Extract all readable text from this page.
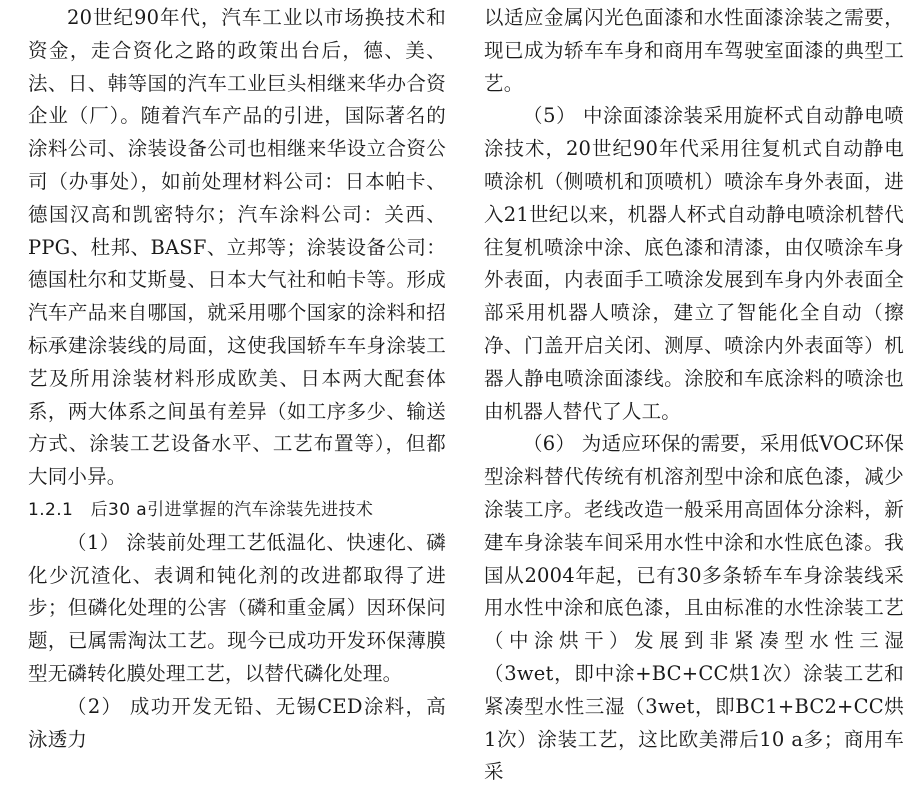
20世纪90年代，汽车工业以市场换技术和资金，走合资化之路的政策出台后，德、美、法、日、韩等国的汽车工业巨头相继来华办合资企业（厂）。随着汽车产品的引进，国际著名的涂料公司、涂装设备公司也相继来华设立合资公司（办事处），如前处理材料公司：日本帕卡、德国汉高和凯密特尔；汽车涂料公司：关西、PPG、杜邦、BASF、立邦等；涂装设备公司：德国杜尔和艾斯曼、日本大气社和帕卡等。形成汽车产品来自哪国，就采用哪个国家的涂料和招标承建涂装线的局面，这使我国轿车车身涂装工艺及所用涂装材料形成欧美、日本两大配套体系，两大体系之间虽有差异（如工序多少、输送方式、涂装工艺设备水平、工艺布置等），但都大同小异。

1.2.1　后30 a引进掌握的汽车涂装先进技术

（1） 涂装前处理工艺低温化、快速化、磷化少沉渣化、表调和钝化剂的改进都取得了进步；但磷化处理的公害（磷和重金属）因环保问题，已属需淘汰工艺。现今已成功开发环保薄膜型无磷转化膜处理工艺，以替代磷化处理。

（2） 成功开发无铅、无锡CED涂料，高泳透力

以适应金属闪光色面漆和水性面漆涂装之需要，现已成为轿车车身和商用车驾驶室面漆的典型工艺。

（5） 中涂面漆涂装采用旋杯式自动静电喷涂技术，20世纪90年代采用往复机式自动静电喷涂机（侧喷机和顶喷机）喷涂车身外表面，进入21世纪以来，机器人杯式自动静电喷涂机替代往复机喷涂中涂、底色漆和清漆，由仅喷涂车身外表面，内表面手工喷涂发展到车身内外表面全部采用机器人喷涂，建立了智能化全自动（擦净、门盖开启关闭、测厚、喷涂内外表面等）机器人静电喷涂面漆线。涂胶和车底涂料的喷涂也由机器人替代了人工。

（6） 为适应环保的需要，采用低VOC环保型涂料替代传统有机溶剂型中涂和底色漆，减少涂装工序。老线改造一般采用高固体分涂料，新建车身涂装车间采用水性中涂和水性底色漆。我国从2004年起，已有30多条轿车车身涂装线采用水性中涂和底色漆，且由标准的水性涂装工艺（中涂烘干）发展到非紧凑型水性三湿（3wet，即中涂+BC+CC烘1次）涂装工艺和紧凑型水性三湿（3wet，即BC1+BC2+CC烘1次）涂装工艺，这比欧美滞后10 a多；商用车采
